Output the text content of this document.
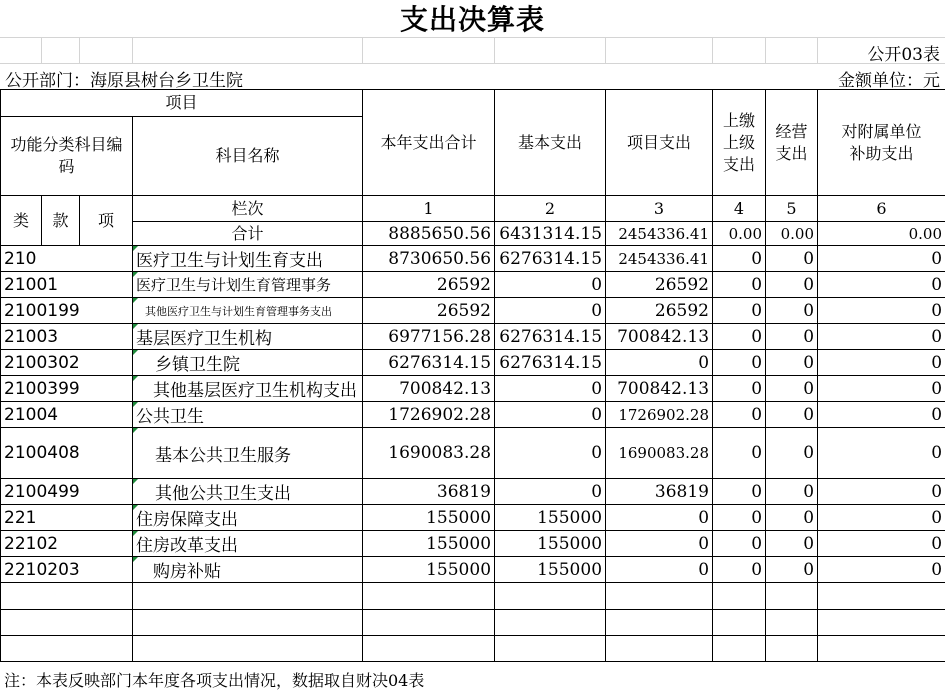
支出决算表
公开03表
公开部门：海原县树台乡卫生院	金额单位：元
项目				本年支出合计	基本支出	项目支出	上缴上级支出	经营支出	对附属单位补助支出
功能分类科目编码			科目名称						
类	款	项	栏次	1	2	3	4	5	6
			合计	8885650.56	6431314.15	2454336.41	0.00	0.00	0.00
210			医疗卫生与计划生育支出	8730650.56	6276314.15	2454336.41	0	0	0
21001			医疗卫生与计划生育管理事务	26592	0	26592	0	0	0
2100199			其他医疗卫生与计划生育管理事务支出	26592	0	26592	0	0	0
21003			基层医疗卫生机构	6977156.28	6276314.15	700842.13	0	0	0
2100302			乡镇卫生院	6276314.15	6276314.15	0	0	0	0
2100399			其他基层医疗卫生机构支出	700842.13	0	700842.13	0	0	0
21004			公共卫生	1726902.28	0	1726902.28	0	0	0
2100408			基本公共卫生服务	1690083.28	0	1690083.28	0	0	0
2100499			其他公共卫生支出	36819	0	36819	0	0	0
221			住房保障支出	155000	155000	0	0	0	0
22102			住房改革支出	155000	155000	0	0	0	0
2210203			购房补贴	155000	155000	0	0	0	0

注：本表反映部门本年度各项支出情况，数据取自财决04表
